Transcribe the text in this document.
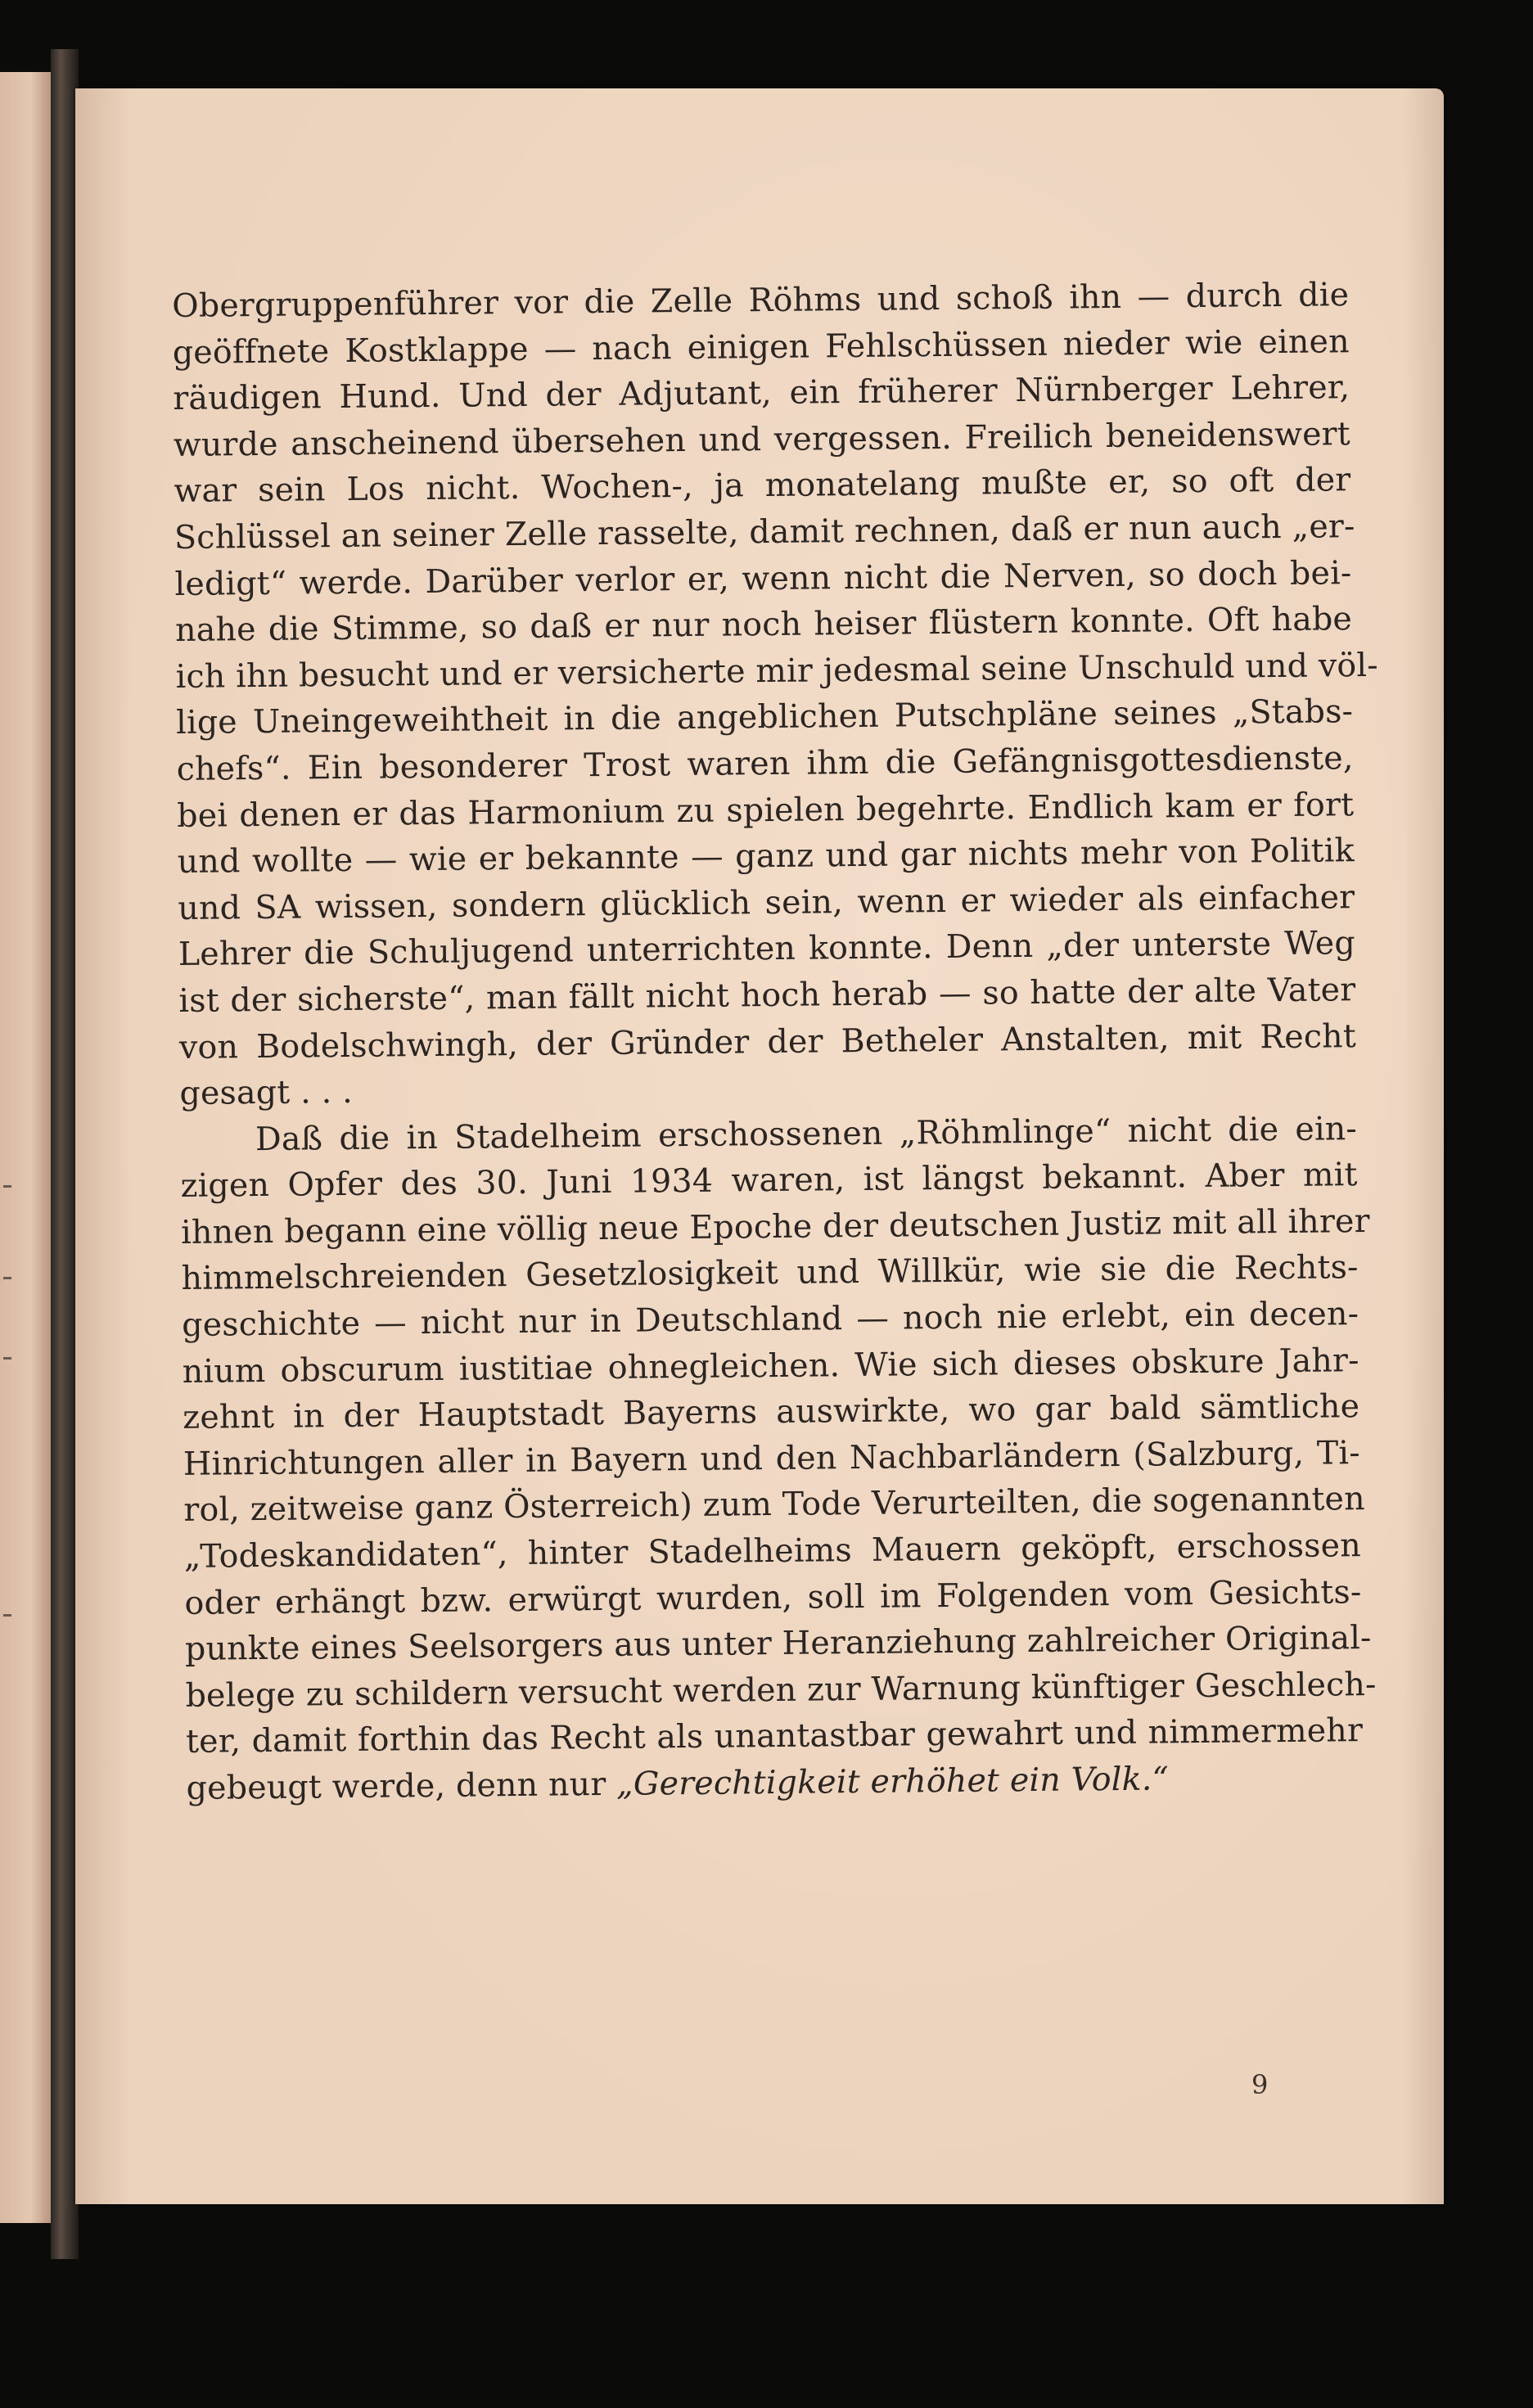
Obergruppenführer vor die Zelle Röhms und schoß ihn — durch die
geöffnete Kostklappe — nach einigen Fehlschüssen nieder wie einen
räudigen Hund. Und der Adjutant, ein früherer Nürnberger Lehrer,
wurde anscheinend übersehen und vergessen. Freilich beneidenswert
war sein Los nicht. Wochen-, ja monatelang mußte er, so oft der
Schlüssel an seiner Zelle rasselte, damit rechnen, daß er nun auch „er-
ledigt“ werde. Darüber verlor er, wenn nicht die Nerven, so doch bei-
nahe die Stimme, so daß er nur noch heiser flüstern konnte. Oft habe
ich ihn besucht und er versicherte mir jedesmal seine Unschuld und völ-
lige Uneingeweihtheit in die angeblichen Putschpläne seines „Stabs-
chefs“. Ein besonderer Trost waren ihm die Gefängnisgottesdienste,
bei denen er das Harmonium zu spielen begehrte. Endlich kam er fort
und wollte — wie er bekannte — ganz und gar nichts mehr von Politik
und SA wissen, sondern glücklich sein, wenn er wieder als einfacher
Lehrer die Schuljugend unterrichten konnte. Denn „der unterste Weg
ist der sicherste“, man fällt nicht hoch herab — so hatte der alte Vater
von Bodelschwingh, der Gründer der Betheler Anstalten, mit Recht
gesagt . . .
Daß die in Stadelheim erschossenen „Röhmlinge“ nicht die ein-
zigen Opfer des 30. Juni 1934 waren, ist längst bekannt. Aber mit
ihnen begann eine völlig neue Epoche der deutschen Justiz mit all ihrer
himmelschreienden Gesetzlosigkeit und Willkür, wie sie die Rechts-
geschichte — nicht nur in Deutschland — noch nie erlebt, ein decen-
nium obscurum iustitiae ohnegleichen. Wie sich dieses obskure Jahr-
zehnt in der Hauptstadt Bayerns auswirkte, wo gar bald sämtliche
Hinrichtungen aller in Bayern und den Nachbarländern (Salzburg, Ti-
rol, zeitweise ganz Österreich) zum Tode Verurteilten, die sogenannten
„Todeskandidaten“, hinter Stadelheims Mauern geköpft, erschossen
oder erhängt bzw. erwürgt wurden, soll im Folgenden vom Gesichts-
punkte eines Seelsorgers aus unter Heranziehung zahlreicher Original-
belege zu schildern versucht werden zur Warnung künftiger Geschlech-
ter, damit forthin das Recht als unantastbar gewahrt und nimmermehr
gebeugt werde, denn nur „Gerechtigkeit erhöhet ein Volk.“
9
